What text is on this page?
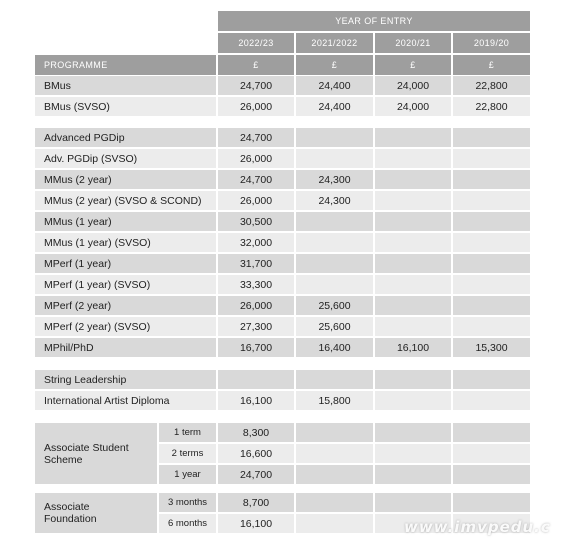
YEAR OF ENTRY
2022/23	2021/2022	2020/21	2019/20
PROGRAMME	£	£	£	£
BMus	24,700	24,400	24,000	22,800
BMus (SVSO)	26,000	24,400	24,000	22,800
Advanced PGDip	24,700
Adv. PGDip (SVSO)	26,000
MMus (2 year)	24,700	24,300
MMus (2 year) (SVSO & SCOND)	26,000	24,300
MMus (1 year)	30,500
MMus (1 year) (SVSO)	32,000
MPerf (1 year)	31,700
MPerf (1 year) (SVSO)	33,300
MPerf (2 year)	26,000	25,600
MPerf (2 year) (SVSO)	27,300	25,600
MPhil/PhD	16,700	16,400	16,100	15,300
String Leadership
International Artist Diploma	16,100	15,800
Associate Student Scheme
1 term	8,300
2 terms	16,600
1 year	24,700
Associate Foundation
3 months	8,700
6 months	16,100	www.imvpedu.c
